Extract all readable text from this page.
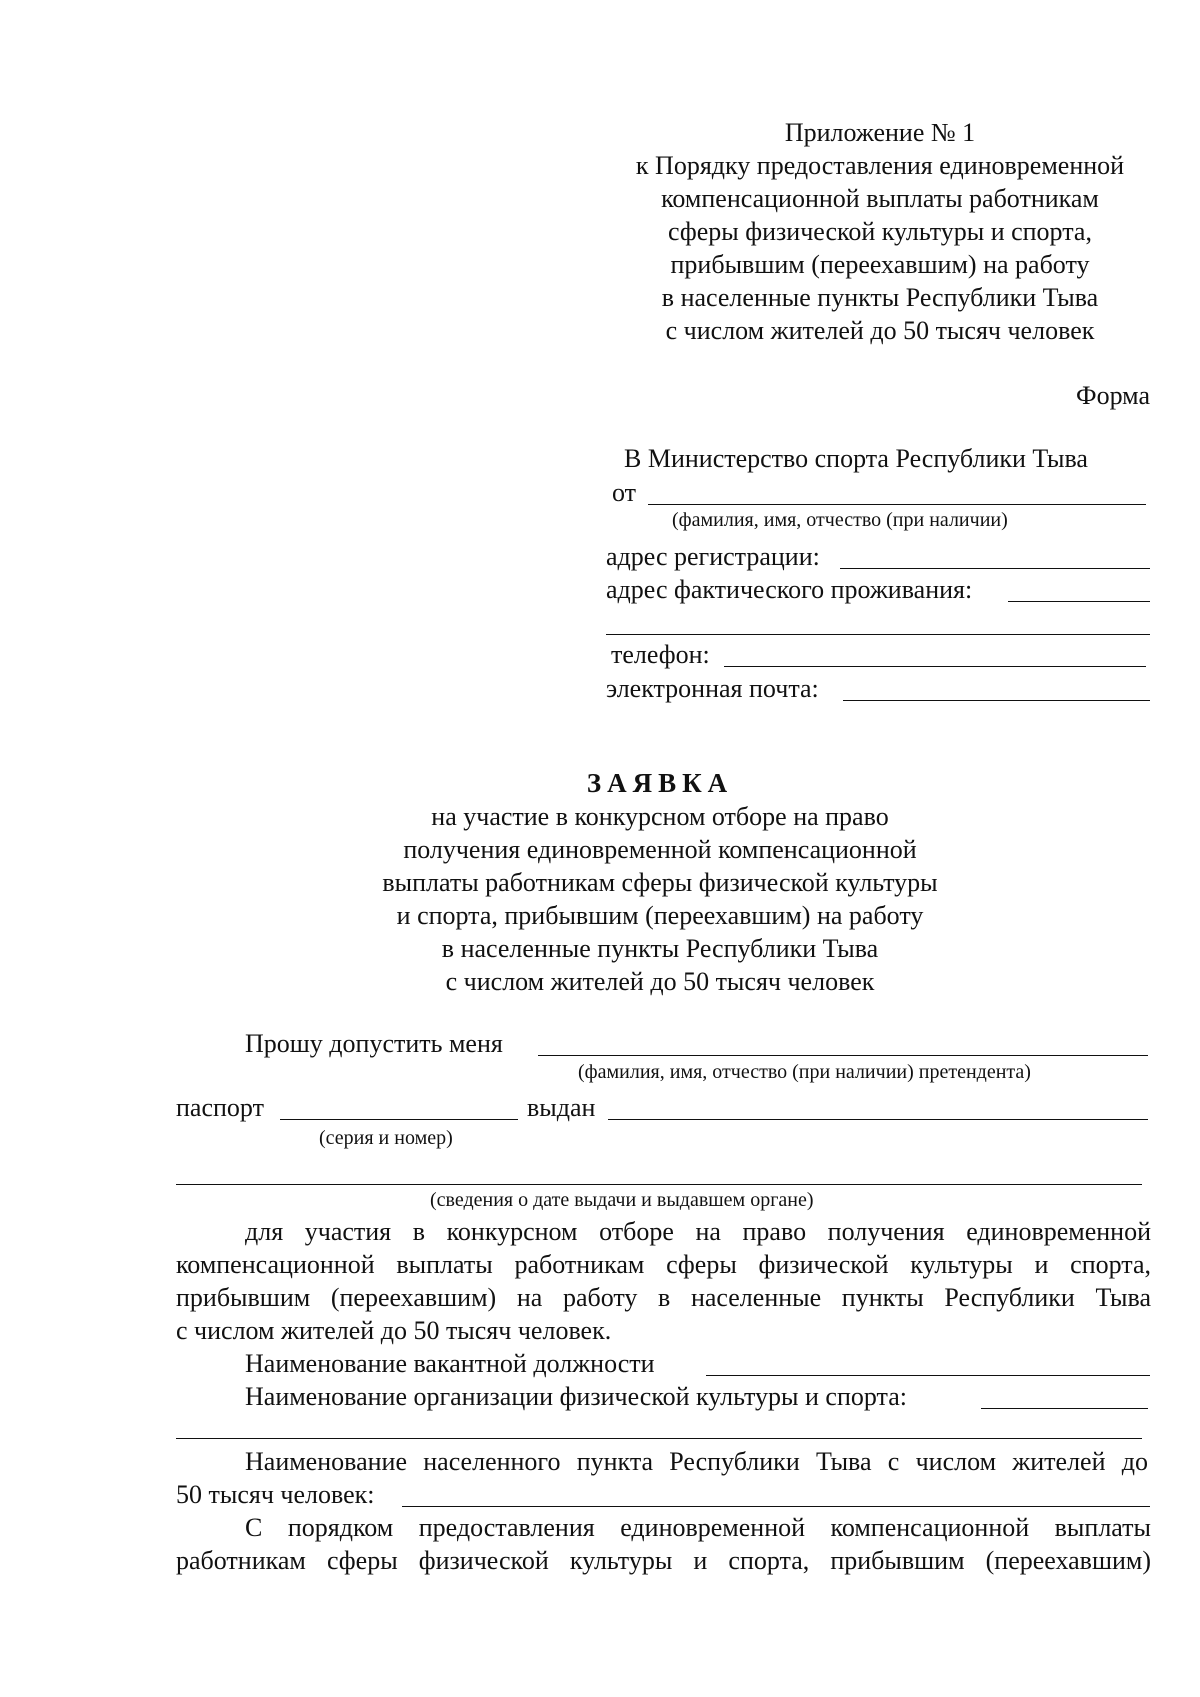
Приложение № 1
к Порядку предоставления единовременной
компенсационной выплаты работникам
сферы физической культуры и спорта,
прибывшим (переехавшим) на работу
в населенные пункты Республики Тыва
с числом жителей до 50 тысяч человек
Форма
В Министерство спорта Республики Тыва
от
(фамилия, имя, отчество (при наличии)
адрес регистрации:
адрес фактического проживания:
телефон:
электронная почта:
ЗАЯВКА
на участие в конкурсном отборе на право
получения единовременной компенсационной
выплаты работникам сферы физической культуры
и спорта, прибывшим (переехавшим) на работу
в населенные пункты Республики Тыва
с числом жителей до 50 тысяч человек
Прошу допустить меня
(фамилия, имя, отчество (при наличии) претендента)
паспорт	выдан
(серия и номер)
(сведения о дате выдачи и выдавшем органе)
для участия в конкурсном отборе на право получения единовременной
компенсационной выплаты работникам сферы физической культуры и спорта,
прибывшим (переехавшим) на работу в населенные пункты Республики Тыва
с числом жителей до 50 тысяч человек.
Наименование вакантной должности
Наименование организации физической культуры и спорта:
Наименование населенного пункта Республики Тыва с числом жителей до
50 тысяч человек:
С порядком предоставления единовременной компенсационной выплаты
работникам сферы физической культуры и спорта, прибывшим (переехавшим)
